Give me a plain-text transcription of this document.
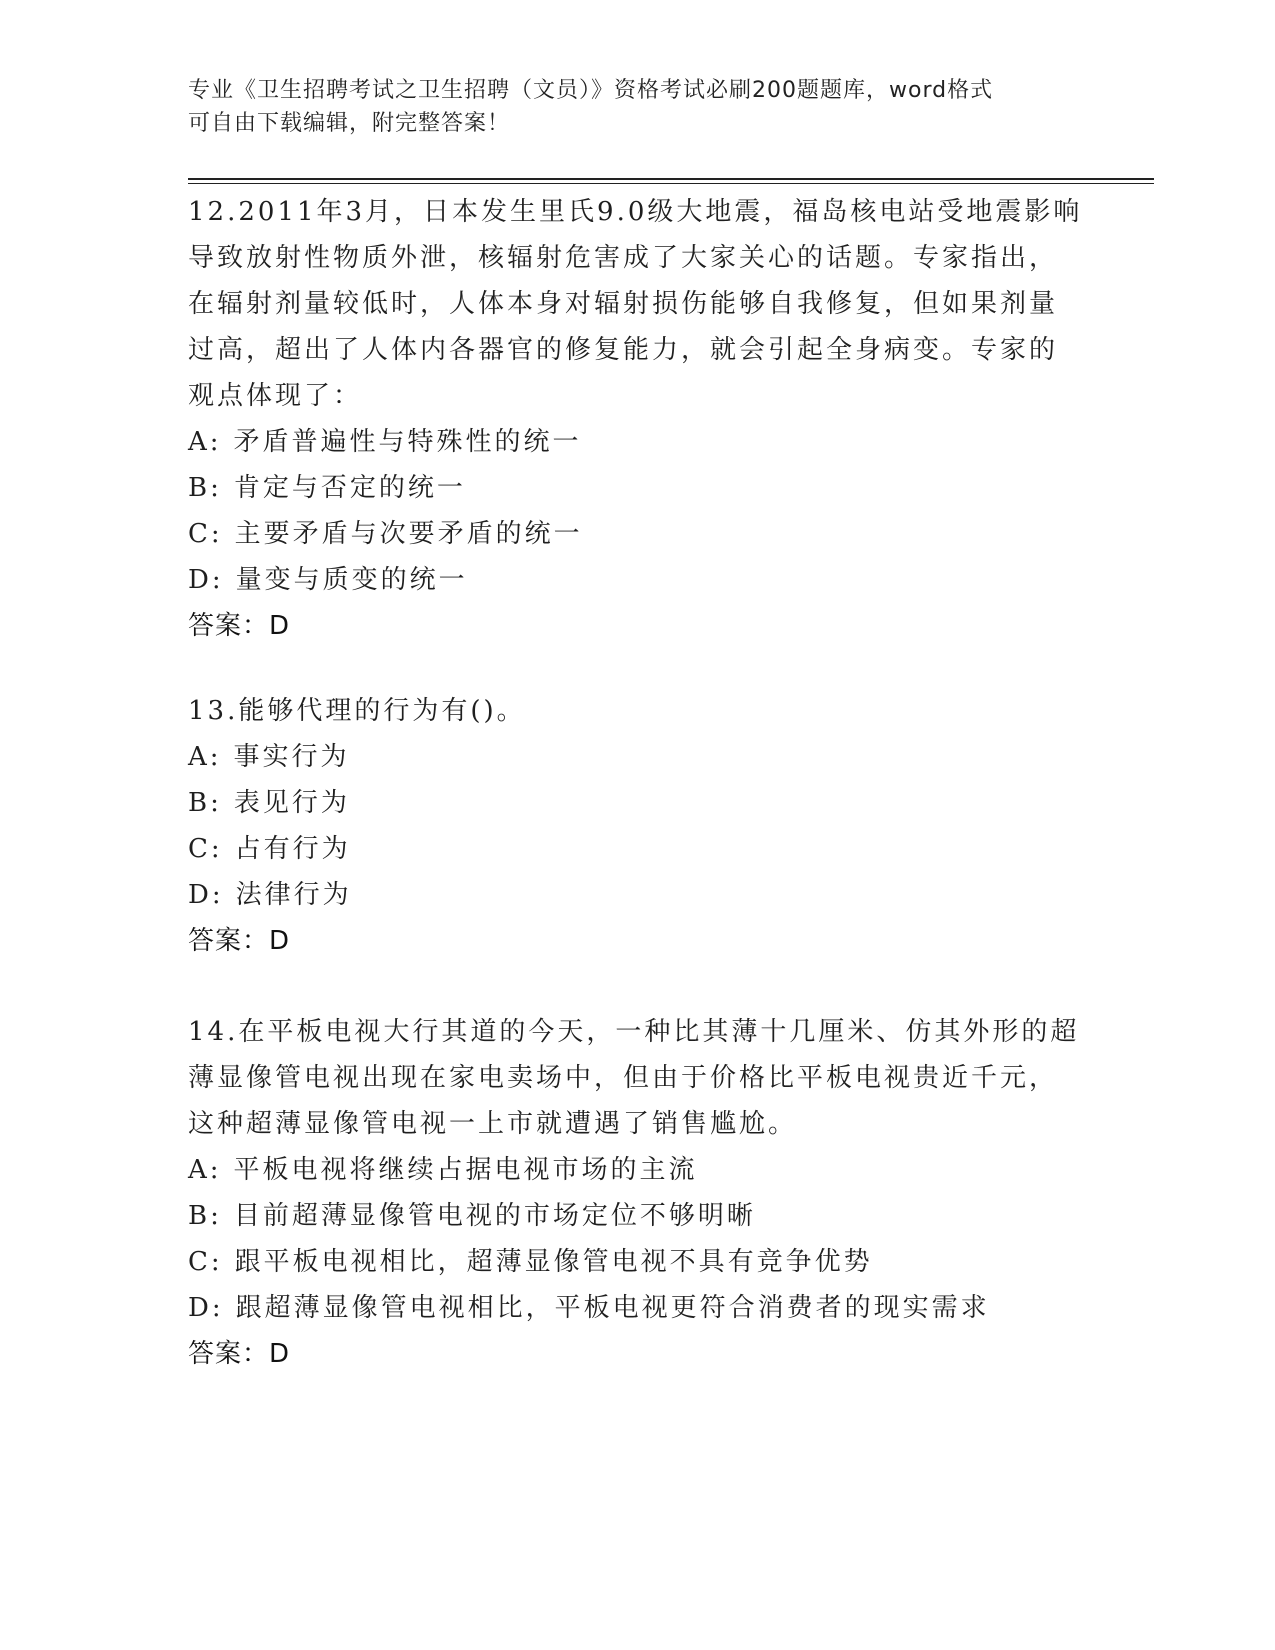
专业《卫生招聘考试之卫生招聘（文员）》资格考试必刷200题题库，word格式
可自由下载编辑，附完整答案！
12.2011年3月，日本发生里氏9.0级大地震，福岛核电站受地震影响
导致放射性物质外泄，核辐射危害成了大家关心的话题。专家指出，
在辐射剂量较低时，人体本身对辐射损伤能够自我修复，但如果剂量
过高，超出了人体内各器官的修复能力，就会引起全身病变。专家的
观点体现了：
A: 矛盾普遍性与特殊性的统一
B: 肯定与否定的统一
C: 主要矛盾与次要矛盾的统一
D: 量变与质变的统一
答案：D
13.能够代理的行为有()。
A: 事实行为
B: 表见行为
C: 占有行为
D: 法律行为
答案：D
14.在平板电视大行其道的今天，一种比其薄十几厘米、仿其外形的超
薄显像管电视出现在家电卖场中，但由于价格比平板电视贵近千元，
这种超薄显像管电视一上市就遭遇了销售尴尬。
A: 平板电视将继续占据电视市场的主流
B: 目前超薄显像管电视的市场定位不够明晰
C: 跟平板电视相比，超薄显像管电视不具有竞争优势
D: 跟超薄显像管电视相比，平板电视更符合消费者的现实需求
答案：D
